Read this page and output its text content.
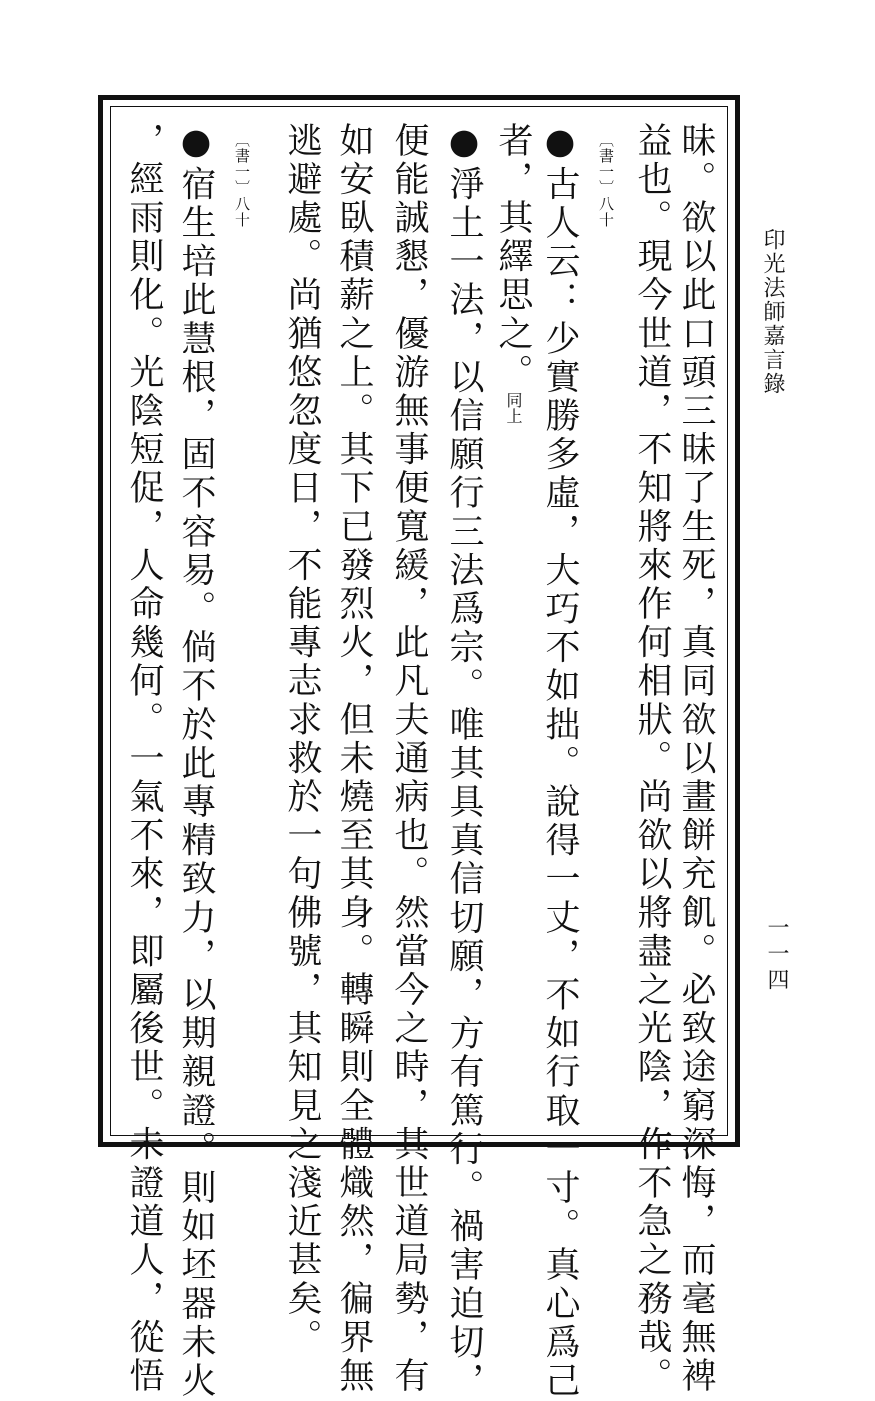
印光法師嘉言錄
一一四
昧。欲以此口頭三昧了生死，真同欲以畫餅充飢。必致途窮深悔，而毫無裨
益也。現今世道，不知將來作何相狀。尚欲以將盡之光陰，作不急之務哉。
〔書一〕八十
●古人云：少實勝多虛，大巧不如拙。說得一丈，不如行取一寸。真心爲己
者，其繹思之。同上
●淨土一法，以信願行三法爲宗。唯其具真信切願，方有篤行。禍害迫切，
便能誠懇，優游無事便寬緩，此凡夫通病也。然當今之時，其世道局勢，有
如安臥積薪之上。其下已發烈火，但未燒至其身。轉瞬則全體熾然，徧界無
逃避處。尚猶悠忽度日，不能專志求救於一句佛號，其知見之淺近甚矣。
〔書一〕八十
●宿生培此慧根，固不容易。倘不於此專精致力，以期親證。則如坯器未火
，經雨則化。光陰短促，人命幾何。一氣不來，即屬後世。未證道人，從悟
